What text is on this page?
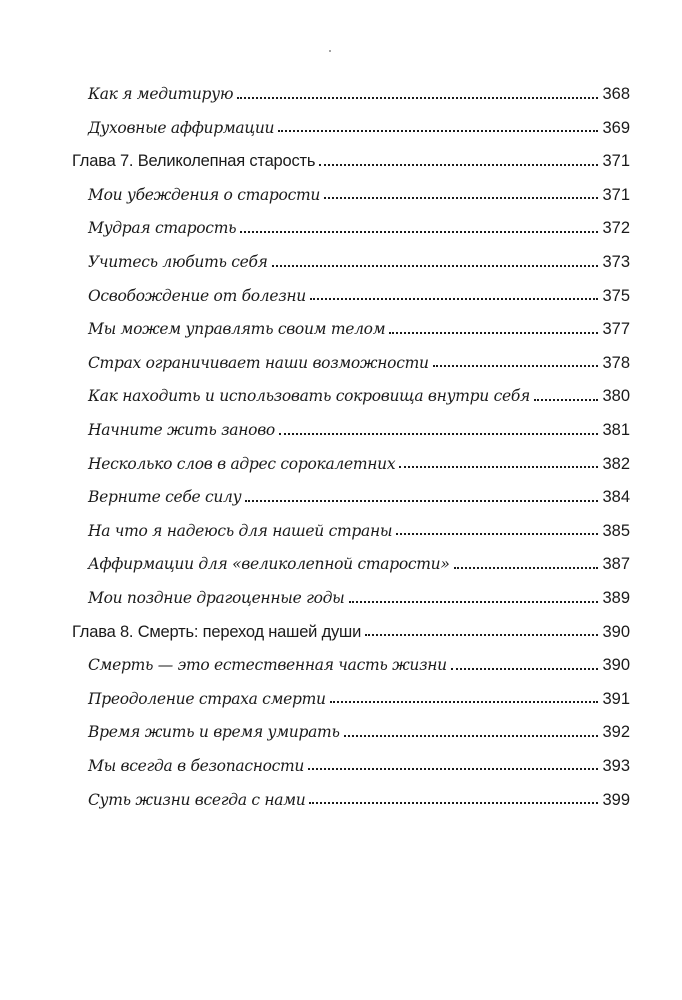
Как я медитирую	368
Духовные аффирмации	369
Глава 7. Великолепная старость	371
Мои убеждения о старости	371
Мудрая старость	372
Учитесь любить себя	373
Освобождение от болезни	375
Мы можем управлять своим телом	377
Страх ограничивает наши возможности	378
Как находить и использовать сокровища внутри себя	380
Начните жить заново	381
Несколько слов в адрес сорокалетних	382
Верните себе силу	384
На что я надеюсь для нашей страны	385
Аффирмации для «великолепной старости»	387
Мои поздние драгоценные годы	389
Глава 8. Смерть: переход нашей души	390
Смерть — это естественная часть жизни	390
Преодоление страха смерти	391
Время жить и время умирать	392
Мы всегда в безопасности	393
Суть жизни всегда с нами	399
